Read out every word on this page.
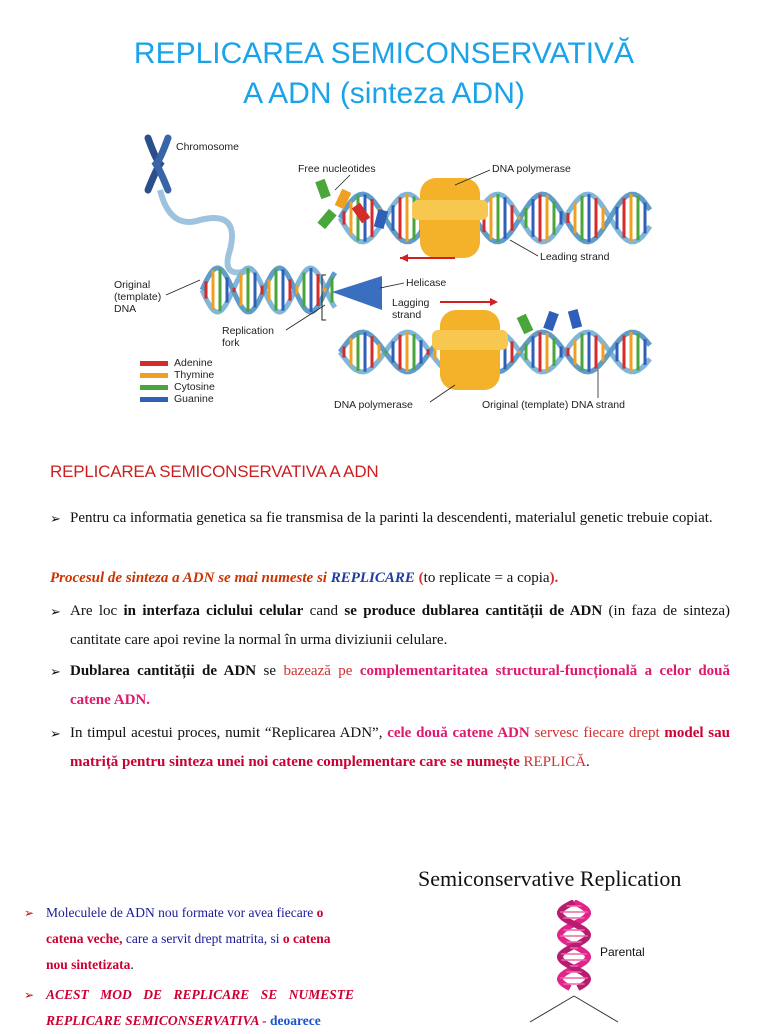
REPLICAREA SEMICONSERVATIVĂ
A ADN (sinteza ADN)
Chromosome
Free nucleotides	DNA polymerase
Leading strand
Original
(template)
DNA
Helicase
Lagging
strand
Replication
fork
Adenine
Thymine
Cytosine
Guanine	DNA polymerase	Original (template) DNA strand
REPLICAREA SEMICONSERVATIVA A ADN
➢ Pentru ca informatia genetica sa fie transmisa de la parinti la descendenti, materialul genetic trebuie copiat.
Procesul de sinteza a ADN se mai numeste si REPLICARE (to replicate = a copia).
➢ Are loc in interfaza ciclului celular cand se produce dublarea cantității de ADN (in faza de sinteza) cantitate care apoi revine la normal în urma diviziunii celulare.
➢ Dublarea cantității de ADN se bazează pe complementaritatea structural-funcțională a celor două catene ADN.
➢ In timpul acestui proces, numit “Replicarea ADN”, cele două catene ADN servesc fiecare drept model sau matriță pentru sinteza unei noi catene complementare care se numește REPLICĂ.
➢ Moleculele de ADN nou formate vor avea fiecare o catena veche, care a servit drept matrita, si o catena nou sintetizata.
➢ ACEST MOD DE REPLICARE SE NUMESTE REPLICARE SEMICONSERVATIVA - deoarece
Semiconservative Replication
Parental
